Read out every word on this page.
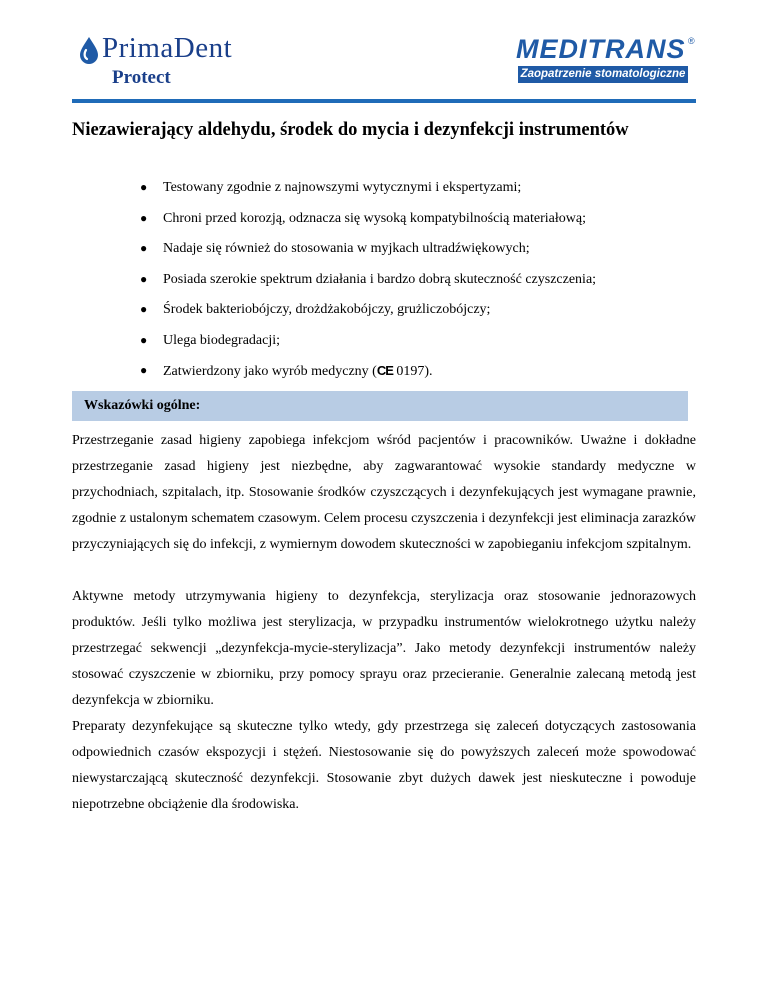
PrimaDent
Protect
MEDITRANS ®
Zaopatrzenie stomatologiczne
Niezawierający aldehydu, środek do mycia i dezynfekcji instrumentów
● Testowany zgodnie z najnowszymi wytycznymi i ekspertyzami;
● Chroni przed korozją, odznacza się wysoką kompatybilnością materiałową;
● Nadaje się również do stosowania w myjkach ultradźwiękowych;
● Posiada szerokie spektrum działania i bardzo dobrą skuteczność czyszczenia;
● Środek bakteriobójczy, drożdżakobójczy, grużliczobójczy;
● Ulega biodegradacji;
● Zatwierdzony jako wyrób medyczny (CE 0197).
Wskazówki ogólne:

Przestrzeganie zasad higieny zapobiega infekcjom wśród pacjentów i pracowników. Uważne i dokładne przestrzeganie zasad higieny jest niezbędne, aby zagwarantować wysokie standardy medyczne w przychodniach, szpitalach, itp. Stosowanie środków czyszczących i dezynfekujących jest wymagane prawnie, zgodnie z ustalonym schematem czasowym. Celem procesu czyszczenia i dezynfekcji jest eliminacja zarazków przyczyniających się do infekcji, z wymiernym dowodem skuteczności w zapobieganiu infekcjom szpitalnym.

Aktywne metody utrzymywania higieny to dezynfekcja, sterylizacja oraz stosowanie jednorazowych produktów. Jeśli tylko możliwa jest sterylizacja, w przypadku instrumentów wielokrotnego użytku należy przestrzegać sekwencji „dezynfekcja-mycie-sterylizacja”. Jako metody dezynfekcji instrumentów należy stosować czyszczenie w zbiorniku, przy pomocy sprayu oraz przecieranie. Generalnie zalecaną metodą jest dezynfekcja w zbiorniku.

Preparaty dezynfekujące są skuteczne tylko wtedy, gdy przestrzega się zaleceń dotyczących zastosowania odpowiednich czasów ekspozycji i stężeń. Niestosowanie się do powyższych zaleceń może spowodować niewystarczającą skuteczność dezynfekcji. Stosowanie zbyt dużych dawek jest nieskuteczne i powoduje niepotrzebne obciążenie dla środowiska.
